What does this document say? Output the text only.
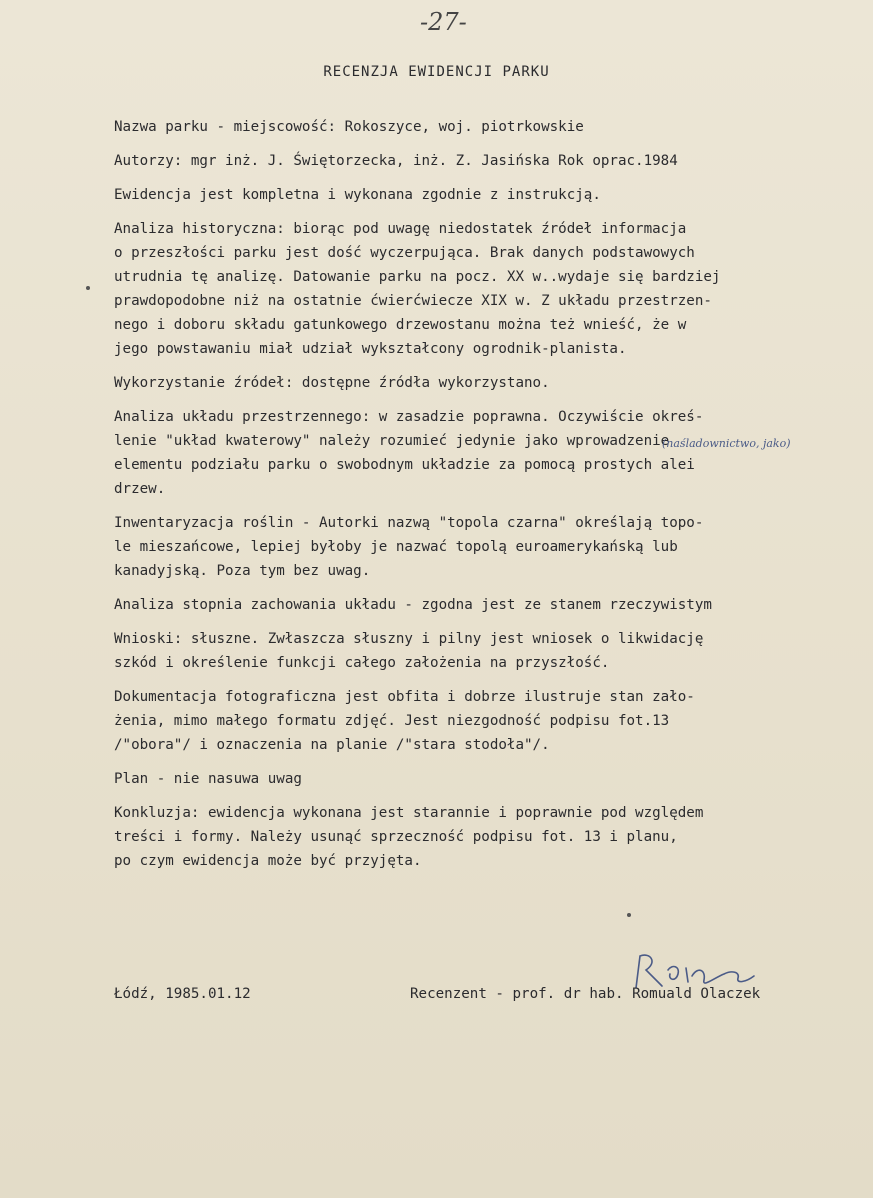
-27-
RECENZJA EWIDENCJI PARKU
Nazwa parku - miejscowość: Rokoszyce, woj. piotrkowskie
Autorzy: mgr inż. J. Świętorzecka, inż. Z. Jasińska Rok oprac.1984
Ewidencja jest kompletna i wykonana zgodnie z instrukcją.
Analiza historyczna: biorąc pod uwagę niedostatek źródeł informacja
o przeszłości parku jest dość wyczerpująca. Brak danych podstawowych
utrudnia tę analizę. Datowanie parku na pocz. XX w..wydaje się bardziej
prawdopodobne niż na ostatnie ćwierćwiecze XIX w. Z układu przestrzen-
nego i doboru składu gatunkowego drzewostanu można też wnieść, że w
jego powstawaniu miał udział wykształcony ogrodnik-planista.
Wykorzystanie źródeł: dostępne źródła wykorzystano.
Analiza układu przestrzennego: w zasadzie poprawna. Oczywiście okreś-
lenie "układ kwaterowy" należy rozumieć jedynie jako wprowadzenie
elementu podziału parku o swobodnym układzie za pomocą prostych alei
drzew.
Inwentaryzacja roślin - Autorki nazwą "topola czarna" określają topo-
le mieszańcowe, lepiej byłoby je nazwać topolą euroamerykańską lub
kanadyjską. Poza tym bez uwag.
Analiza stopnia zachowania układu - zgodna jest ze stanem rzeczywistym
Wnioski: słuszne. Zwłaszcza słuszny i pilny jest wniosek o likwidację
szkód i określenie funkcji całego założenia na przyszłość.
Dokumentacja fotograficzna jest obfita i dobrze ilustruje stan zało-
żenia, mimo małego formatu zdjęć. Jest niezgodność podpisu fot.13
/"obora"/ i oznaczenia na planie /"stara stodoła"/.
Plan - nie nasuwa uwag
Konkluzja: ewidencja wykonana jest starannie i poprawnie pod względem
treści i formy. Należy usunąć sprzeczność podpisu fot. 13 i planu,
po czym ewidencja może być przyjęta.
(naśladownictwo, jako)
Łódź, 1985.01.12	Recenzent - prof. dr hab. Romuald Olaczek
